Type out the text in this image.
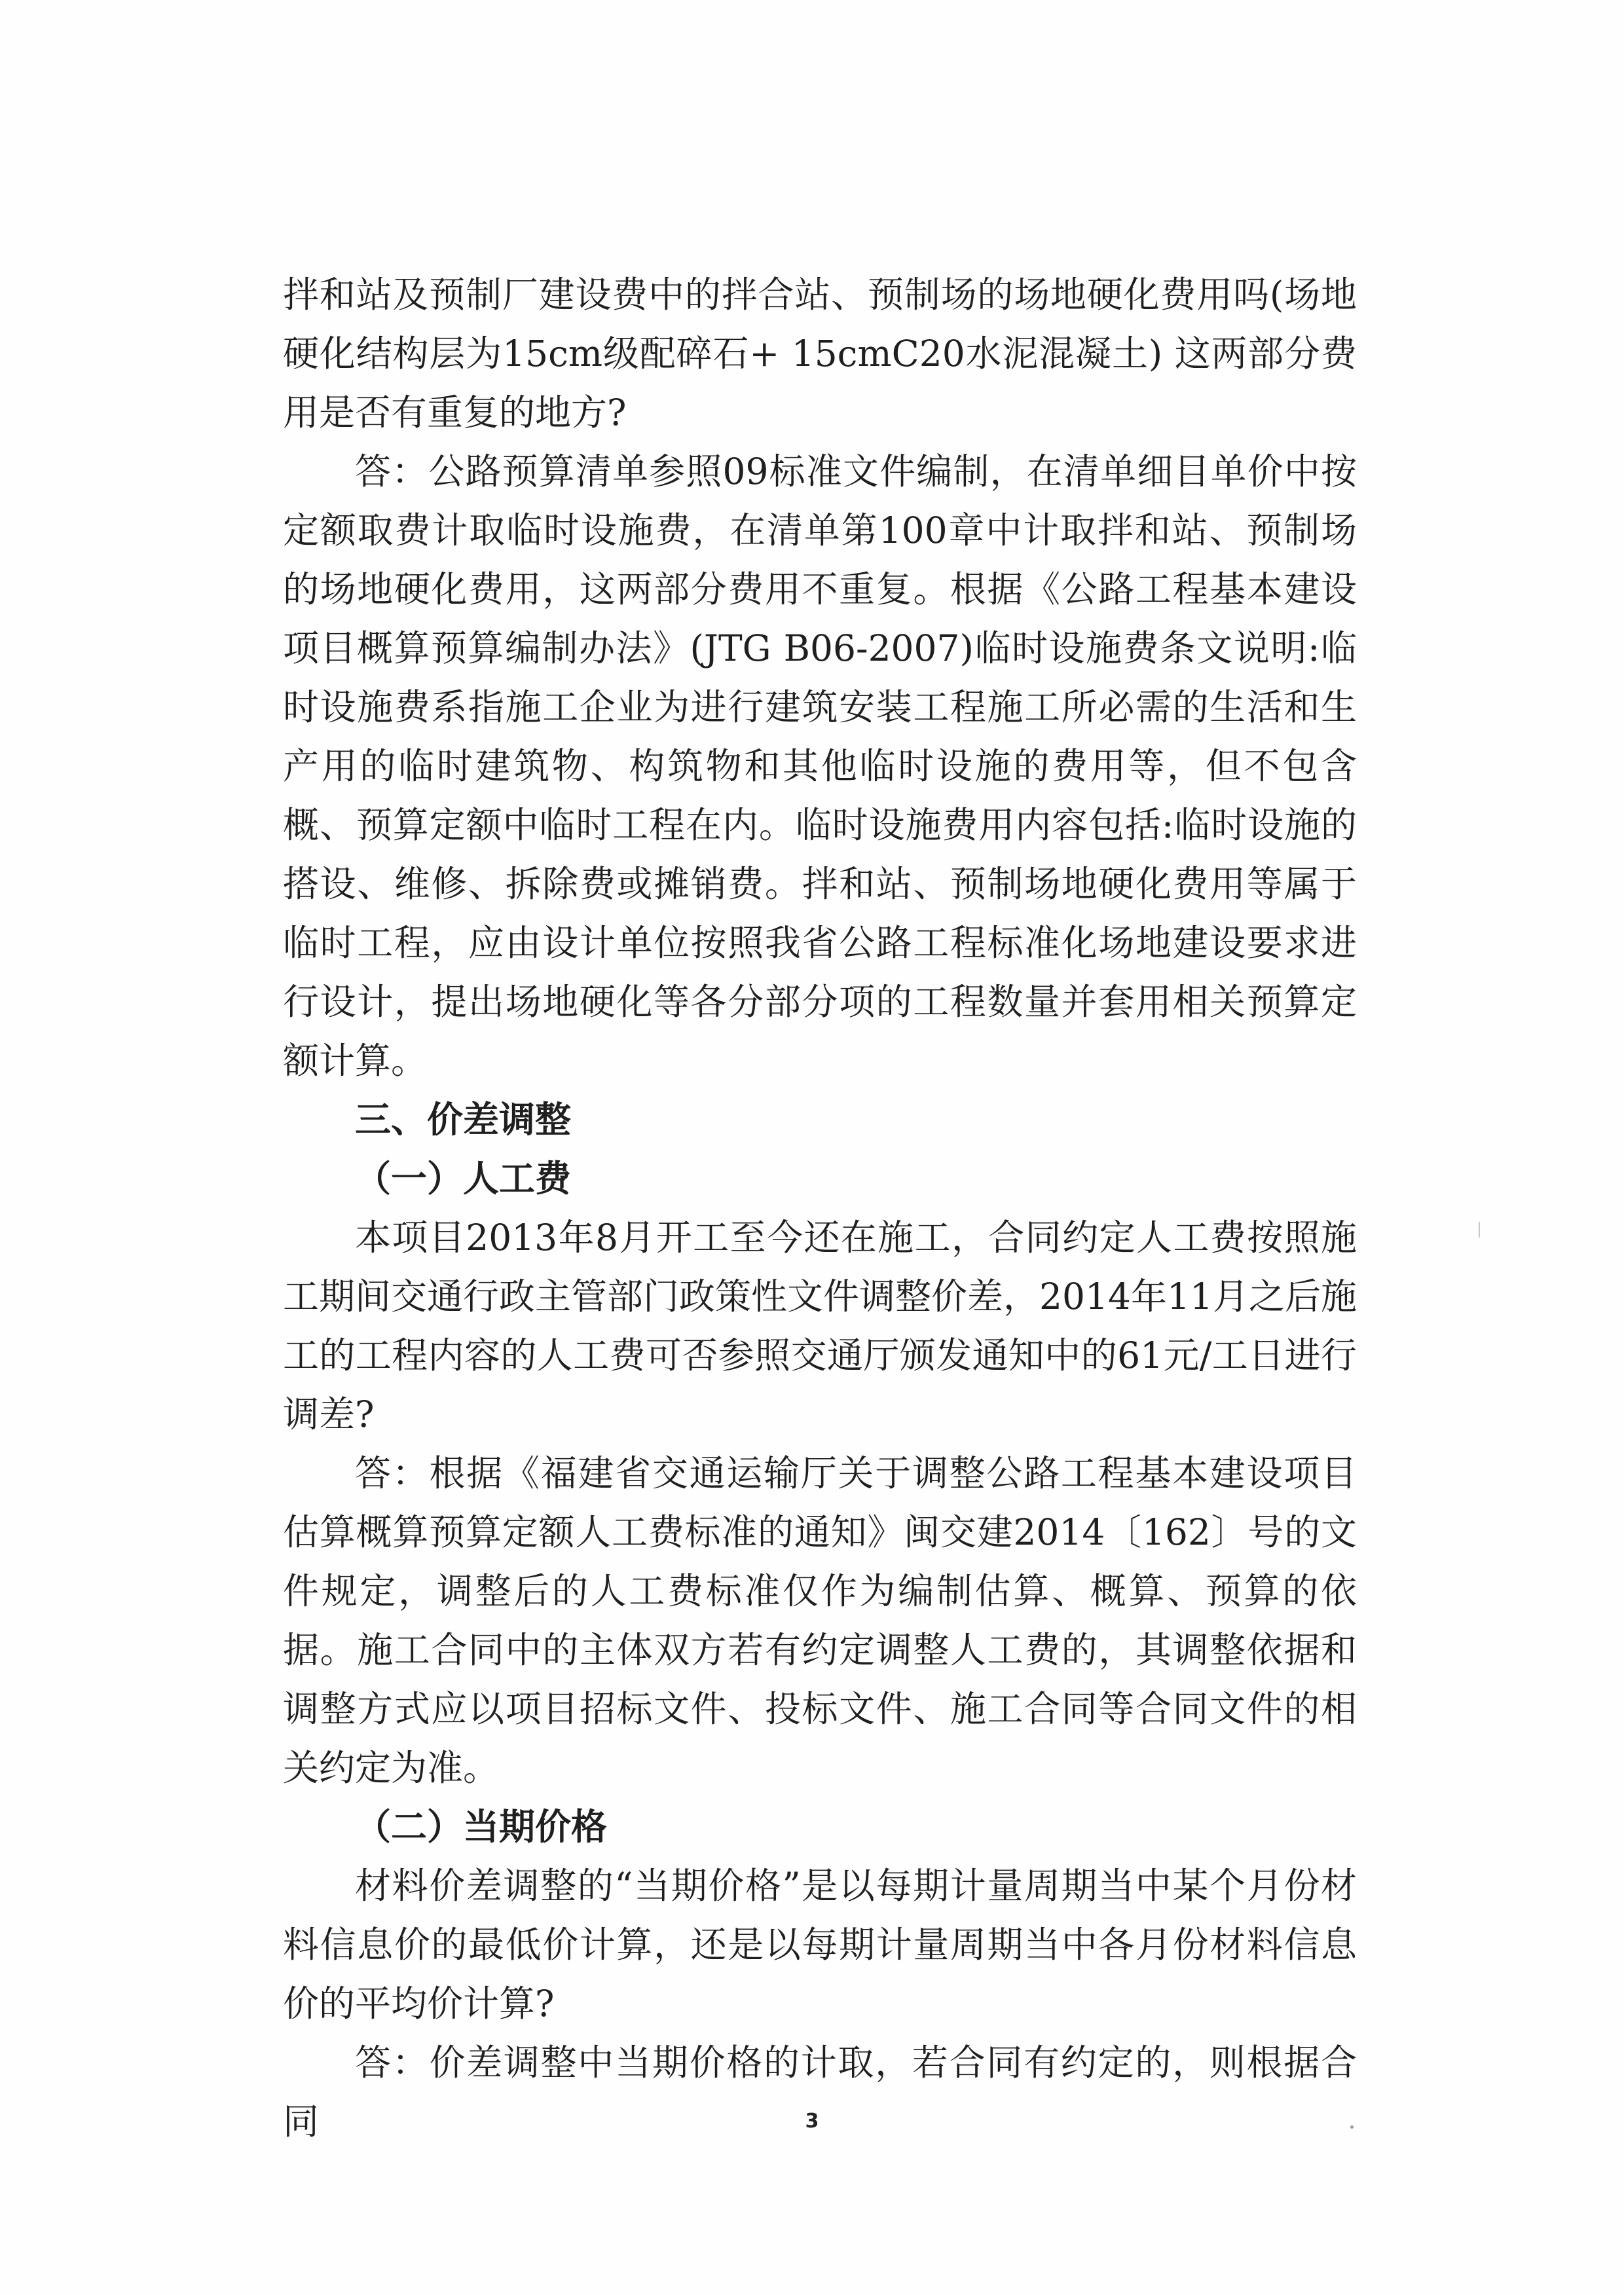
拌和站及预制厂建设费中的拌合站、预制场的场地硬化费用吗(场地硬化结构层为15cm级配碎石+ 15cmC20水泥混凝土) 这两部分费用是否有重复的地方?

答：公路预算清单参照09标准文件编制，在清单细目单价中按定额取费计取临时设施费，在清单第100章中计取拌和站、预制场的场地硬化费用，这两部分费用不重复。根据《公路工程基本建设项目概算预算编制办法》(JTG B06-2007)临时设施费条文说明:临时设施费系指施工企业为进行建筑安装工程施工所必需的生活和生产用的临时建筑物、构筑物和其他临时设施的费用等，但不包含概、预算定额中临时工程在内。临时设施费用内容包括:临时设施的搭设、维修、拆除费或摊销费。拌和站、预制场地硬化费用等属于临时工程，应由设计单位按照我省公路工程标准化场地建设要求进行设计，提出场地硬化等各分部分项的工程数量并套用相关预算定额计算。

三、价差调整

（一）人工费

本项目2013年8月开工至今还在施工，合同约定人工费按照施工期间交通行政主管部门政策性文件调整价差，2014年11月之后施工的工程内容的人工费可否参照交通厅颁发通知中的61元/工日进行调差?

答：根据《福建省交通运输厅关于调整公路工程基本建设项目估算概算预算定额人工费标准的通知》闽交建2014〔162〕号的文件规定，调整后的人工费标准仅作为编制估算、概算、预算的依据。施工合同中的主体双方若有约定调整人工费的，其调整依据和调整方式应以项目招标文件、投标文件、施工合同等合同文件的相关约定为准。

（二）当期价格

材料价差调整的“当期价格”是以每期计量周期当中某个月份材料信息价的最低价计算，还是以每期计量周期当中各月份材料信息价的平均价计算?

答：价差调整中当期价格的计取，若合同有约定的，则根据合同	3
